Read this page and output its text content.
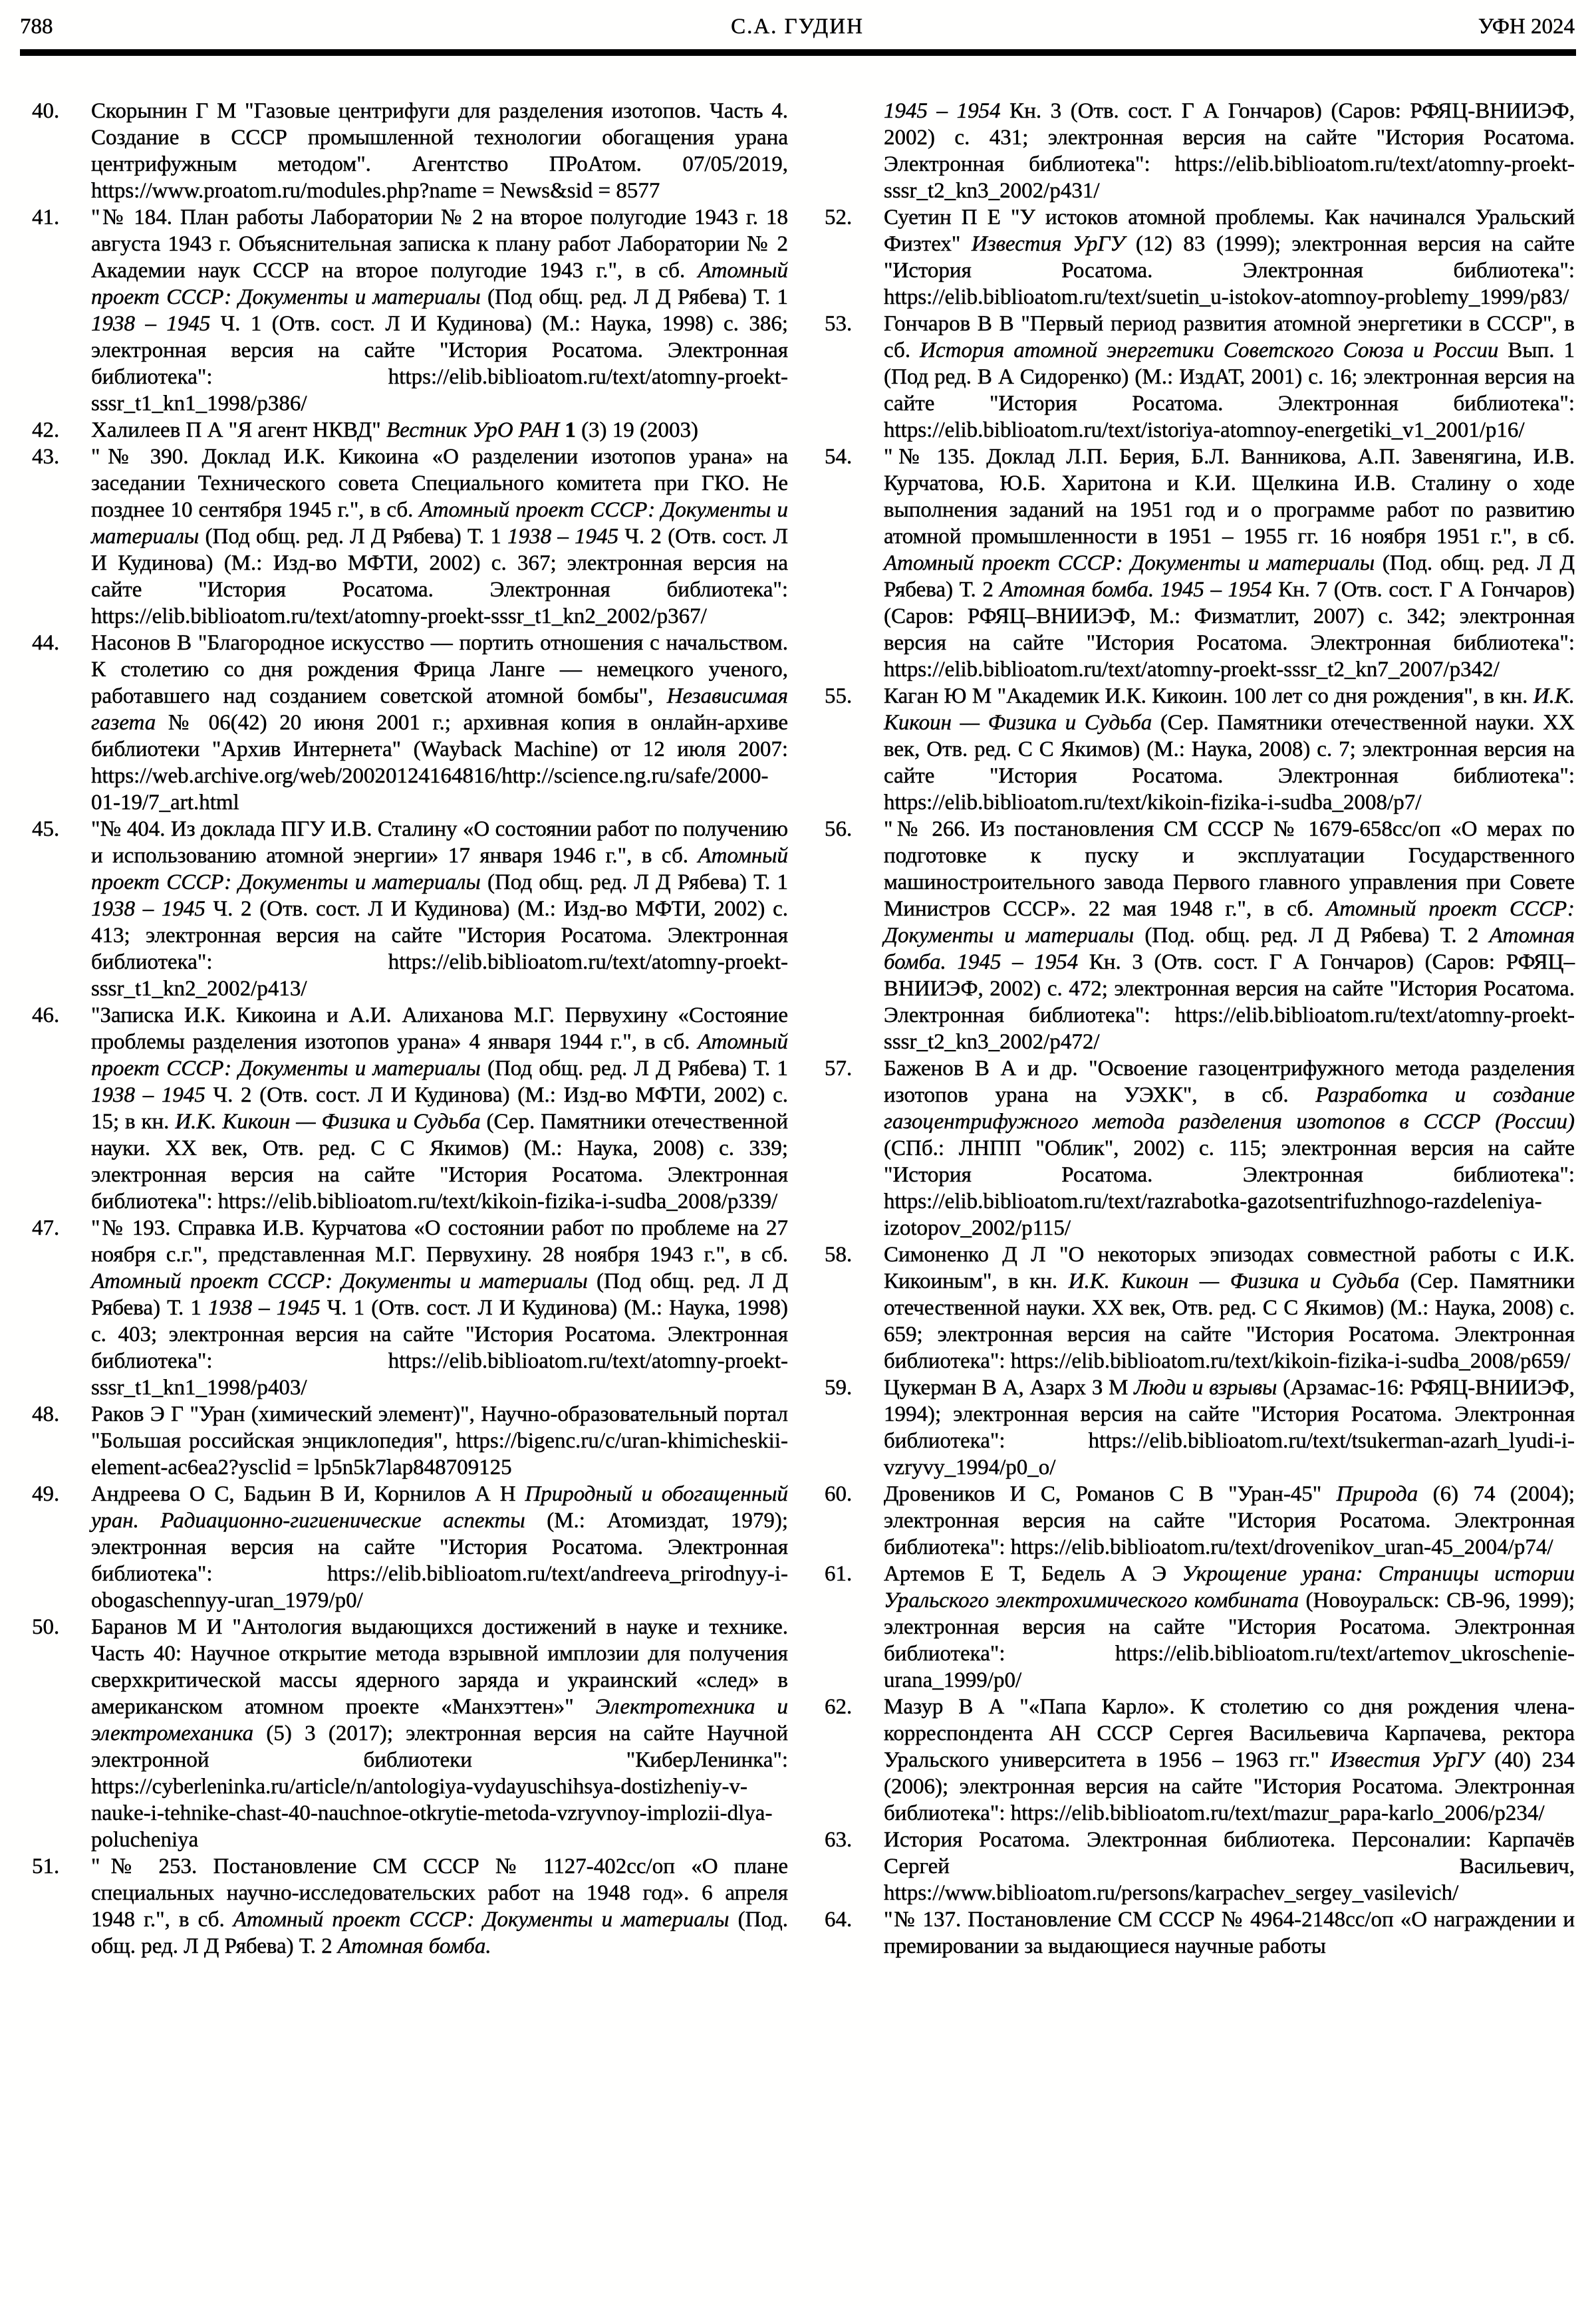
788	С.А. ГУДИН	УФН 2024
40.	Скорынин Г М "Газовые центрифуги для разделения изотопов. Часть 4. Создание в СССР промышленной технологии обогащения урана центрифужным методом". Агентство ПРоАтом. 07/05/2019, https://www.proatom.ru/modules.php?name = News&sid = 8577
41.	"№ 184. План работы Лаборатории № 2 на второе полугодие 1943 г. 18 августа 1943 г. Объяснительная записка к плану работ Лаборатории № 2 Академии наук СССР на второе полугодие 1943 г.", в сб. Атомный проект СССР: Документы и материалы (Под общ. ред. Л Д Рябева) Т. 1 1938 – 1945 Ч. 1 (Отв. сост. Л И Кудинова) (М.: Наука, 1998) с. 386; электронная версия на сайте "История Росатома. Электронная библиотека": https://elib.biblioatom.ru/text/atomny-proekt-sssr_t1_kn1_1998/p386/
42.	Халилеев П А "Я агент НКВД" Вестник УрО РАН 1 (3) 19 (2003)
43.	"№ 390. Доклад И.К. Кикоина «О разделении изотопов урана» на заседании Технического совета Специального комитета при ГКО. Не позднее 10 сентября 1945 г.", в сб. Атомный проект СССР: Документы и материалы (Под общ. ред. Л Д Рябева) Т. 1 1938 – 1945 Ч. 2 (Отв. сост. Л И Кудинова) (М.: Изд-во МФТИ, 2002) с. 367; электронная версия на сайте "История Росатома. Электронная библиотека": https://elib.biblioatom.ru/text/atomny-proekt-sssr_t1_kn2_2002/p367/
44.	Насонов В "Благородное искусство — портить отношения с начальством. К столетию со дня рождения Фрица Ланге — немецкого ученого, работавшего над созданием советской атомной бомбы", Независимая газета № 06(42) 20 июня 2001 г.; архивная копия в онлайн-архиве библиотеки "Архив Интернета" (Wayback Machine) от 12 июля 2007: https://web.archive.org/web/20020124164816/http://science.ng.ru/safe/2000-01-19/7_art.html
45.	"№ 404. Из доклада ПГУ И.В. Сталину «О состоянии работ по получению и использованию атомной энергии» 17 января 1946 г.", в сб. Атомный проект СССР: Документы и материалы (Под общ. ред. Л Д Рябева) Т. 1 1938 – 1945 Ч. 2 (Отв. сост. Л И Кудинова) (М.: Изд-во МФТИ, 2002) с. 413; электронная версия на сайте "История Росатома. Электронная библиотека": https://elib.biblioatom.ru/text/atomny-proekt-sssr_t1_kn2_2002/p413/
46.	"Записка И.К. Кикоина и А.И. Алиханова М.Г. Первухину «Состояние проблемы разделения изотопов урана» 4 января 1944 г.", в сб. Атомный проект СССР: Документы и материалы (Под общ. ред. Л Д Рябева) Т. 1 1938 – 1945 Ч. 2 (Отв. сост. Л И Кудинова) (М.: Изд-во МФТИ, 2002) с. 15; в кн. И.К. Кикоин — Физика и Судьба (Сер. Памятники отечественной науки. XX век, Отв. ред. С С Якимов) (М.: Наука, 2008) с. 339; электронная версия на сайте "История Росатома. Электронная библиотека": https://elib.biblioatom.ru/text/kikoin-fizika-i-sudba_2008/p339/
47.	"№ 193. Справка И.В. Курчатова «О состоянии работ по проблеме на 27 ноября с.г.", представленная М.Г. Первухину. 28 ноября 1943 г.", в сб. Атомный проект СССР: Документы и материалы (Под общ. ред. Л Д Рябева) Т. 1 1938 – 1945 Ч. 1 (Отв. сост. Л И Кудинова) (М.: Наука, 1998) с. 403; электронная версия на сайте "История Росатома. Электронная библиотека": https://elib.biblioatom.ru/text/atomny-proekt-sssr_t1_kn1_1998/p403/
48.	Раков Э Г "Уран (химический элемент)", Научно-образовательный портал "Большая российская энциклопедия", https://bigenc.ru/c/uran-khimicheskii-element-ac6ea2?ysclid = lp5n5k7lap848709125
49.	Андреева О С, Бадьин В И, Корнилов А Н Природный и обогащенный уран. Радиационно-гигиенические аспекты (М.: Атомиздат, 1979); электронная версия на сайте "История Росатома. Электронная библиотека": https://elib.biblioatom.ru/text/andreeva_prirodnyy-i-obogaschennyy-uran_1979/p0/
50.	Баранов М И "Антология выдающихся достижений в науке и технике. Часть 40: Научное открытие метода взрывной имплозии для получения сверхкритической массы ядерного заряда и украинский «след» в американском атомном проекте «Манхэттен»" Электротехника и электромеханика (5) 3 (2017); электронная версия на сайте Научной электронной библиотеки "КиберЛенинка": https://cyberleninka.ru/article/n/antologiya-vydayuschihsya-dostizheniy-v-nauke-i-tehnike-chast-40-nauchnoe-otkrytie-metoda-vzryvnoy-implozii-dlya-polucheniya
51.	"№ 253. Постановление СМ СССР № 1127-402сс/оп «О плане специальных научно-исследовательских работ на 1948 год». 6 апреля 1948 г.", в сб. Атомный проект СССР: Документы и материалы (Под. общ. ред. Л Д Рябева) Т. 2 Атомная бомба.
1945 – 1954 Кн. 3 (Отв. сост. Г А Гончаров) (Саров: РФЯЦ-ВНИИЭФ, 2002) с. 431; электронная версия на сайте "История Росатома. Электронная библиотека": https://elib.biblioatom.ru/text/atomny-proekt-sssr_t2_kn3_2002/p431/
52.	Суетин П Е "У истоков атомной проблемы. Как начинался Уральский Физтех" Известия УрГУ (12) 83 (1999); электронная версия на сайте "История Росатома. Электронная библиотека": https://elib.biblioatom.ru/text/suetin_u-istokov-atomnoy-problemy_1999/p83/
53.	Гончаров В В "Первый период развития атомной энергетики в СССР", в сб. История атомной энергетики Советского Союза и России Вып. 1 (Под ред. В А Сидоренко) (М.: ИздАТ, 2001) с. 16; электронная версия на сайте "История Росатома. Электронная библиотека": https://elib.biblioatom.ru/text/istoriya-atomnoy-energetiki_v1_2001/p16/
54.	"№ 135. Доклад Л.П. Берия, Б.Л. Ванникова, А.П. Завенягина, И.В. Курчатова, Ю.Б. Харитона и К.И. Щелкина И.В. Сталину о ходе выполнения заданий на 1951 год и о программе работ по развитию атомной промышленности в 1951 – 1955 гг. 16 ноября 1951 г.", в сб. Атомный проект СССР: Документы и материалы (Под. общ. ред. Л Д Рябева) Т. 2 Атомная бомба. 1945 – 1954 Кн. 7 (Отв. сост. Г А Гончаров) (Саров: РФЯЦ–ВНИИЭФ, М.: Физматлит, 2007) с. 342; электронная версия на сайте "История Росатома. Электронная библиотека": https://elib.biblioatom.ru/text/atomny-proekt-sssr_t2_kn7_2007/p342/
55.	Каган Ю М "Академик И.К. Кикоин. 100 лет со дня рождения", в кн. И.К. Кикоин — Физика и Судьба (Сер. Памятники отечественной науки. XX век, Отв. ред. С С Якимов) (М.: Наука, 2008) с. 7; электронная версия на сайте "История Росатома. Электронная библиотека": https://elib.biblioatom.ru/text/kikoin-fizika-i-sudba_2008/p7/
56.	"№ 266. Из постановления СМ СССР № 1679-658сс/оп «О мерах по подготовке к пуску и эксплуатации Государственного машиностроительного завода Первого главного управления при Совете Министров СССР». 22 мая 1948 г.", в сб. Атомный проект СССР: Документы и материалы (Под. общ. ред. Л Д Рябева) Т. 2 Атомная бомба. 1945 – 1954 Кн. 3 (Отв. сост. Г А Гончаров) (Саров: РФЯЦ–ВНИИЭФ, 2002) с. 472; электронная версия на сайте "История Росатома. Электронная библиотека": https://elib.biblioatom.ru/text/atomny-proekt-sssr_t2_kn3_2002/p472/
57.	Баженов В А и др. "Освоение газоцентрифужного метода разделения изотопов урана на УЭХК", в сб. Разработка и создание газоцентрифужного метода разделения изотопов в СССР (России) (СПб.: ЛНПП "Облик", 2002) с. 115; электронная версия на сайте "История Росатома. Электронная библиотека": https://elib.biblioatom.ru/text/razrabotka-gazotsentrifuzhnogo-razdeleniya-izotopov_2002/p115/
58.	Симоненко Д Л "О некоторых эпизодах совместной работы с И.К. Кикоиным", в кн. И.К. Кикоин — Физика и Судьба (Сер. Памятники отечественной науки. XX век, Отв. ред. С С Якимов) (М.: Наука, 2008) с. 659; электронная версия на сайте "История Росатома. Электронная библиотека": https://elib.biblioatom.ru/text/kikoin-fizika-i-sudba_2008/p659/
59.	Цукерман В А, Азарх З М Люди и взрывы (Арзамас-16: РФЯЦ-ВНИИЭФ, 1994); электронная версия на сайте "История Росатома. Электронная библиотека": https://elib.biblioatom.ru/text/tsukerman-azarh_lyudi-i-vzryvy_1994/p0_o/
60.	Дровеников И С, Романов С В "Уран-45" Природа (6) 74 (2004); электронная версия на сайте "История Росатома. Электронная библиотека": https://elib.biblioatom.ru/text/drovenikov_uran-45_2004/p74/
61.	Артемов Е Т, Бедель А Э Укрощение урана: Страницы истории Уральского электрохимического комбината (Новоуральск: СВ-96, 1999); электронная версия на сайте "История Росатома. Электронная библиотека": https://elib.biblioatom.ru/text/artemov_ukroschenie-urana_1999/p0/
62.	Мазур В А "«Папа Карло». К столетию со дня рождения члена-корреспондента АН СССР Сергея Васильевича Карпачева, ректора Уральского университета в 1956 – 1963 гг." Известия УрГУ (40) 234 (2006); электронная версия на сайте "История Росатома. Электронная библиотека": https://elib.biblioatom.ru/text/mazur_papa-karlo_2006/p234/
63.	История Росатома. Электронная библиотека. Персоналии: Карпачёв Сергей Васильевич, https://www.biblioatom.ru/persons/karpachev_sergey_vasilevich/
64.	"№ 137. Постановление СМ СССР № 4964-2148сс/оп «О награждении и премировании за выдающиеся научные работы
